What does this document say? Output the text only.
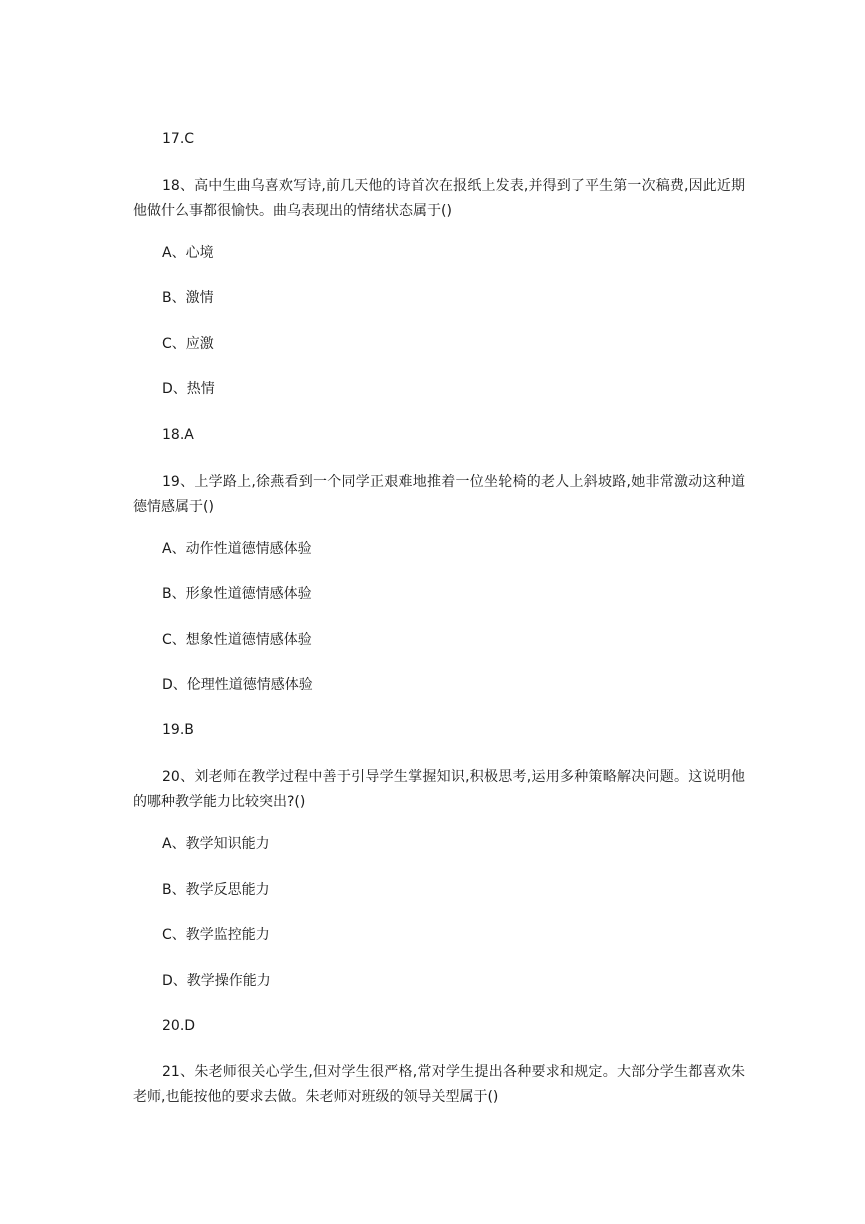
17.C
18、高中生曲乌喜欢写诗,前几天他的诗首次在报纸上发表,并得到了平生第一次稿费,因此近期他做什么事都很愉快。曲乌表现出的情绪状态属于()
A、心境
B、激情
C、应激
D、热情
18.A
19、上学路上,徐燕看到一个同学正艰难地推着一位坐轮椅的老人上斜坡路,她非常激动这种道德情感属于()
A、动作性道德情感体验
B、形象性道德情感体验
C、想象性道德情感体验
D、伦理性道德情感体验
19.B
20、刘老师在教学过程中善于引导学生掌握知识,积极思考,运用多种策略解决问题。这说明他的哪种教学能力比较突出?()
A、教学知识能力
B、教学反思能力
C、教学监控能力
D、教学操作能力
20.D
21、朱老师很关心学生,但对学生很严格,常对学生提出各种要求和规定。大部分学生都喜欢朱老师,也能按他的要求去做。朱老师对班级的领导关型属于()
